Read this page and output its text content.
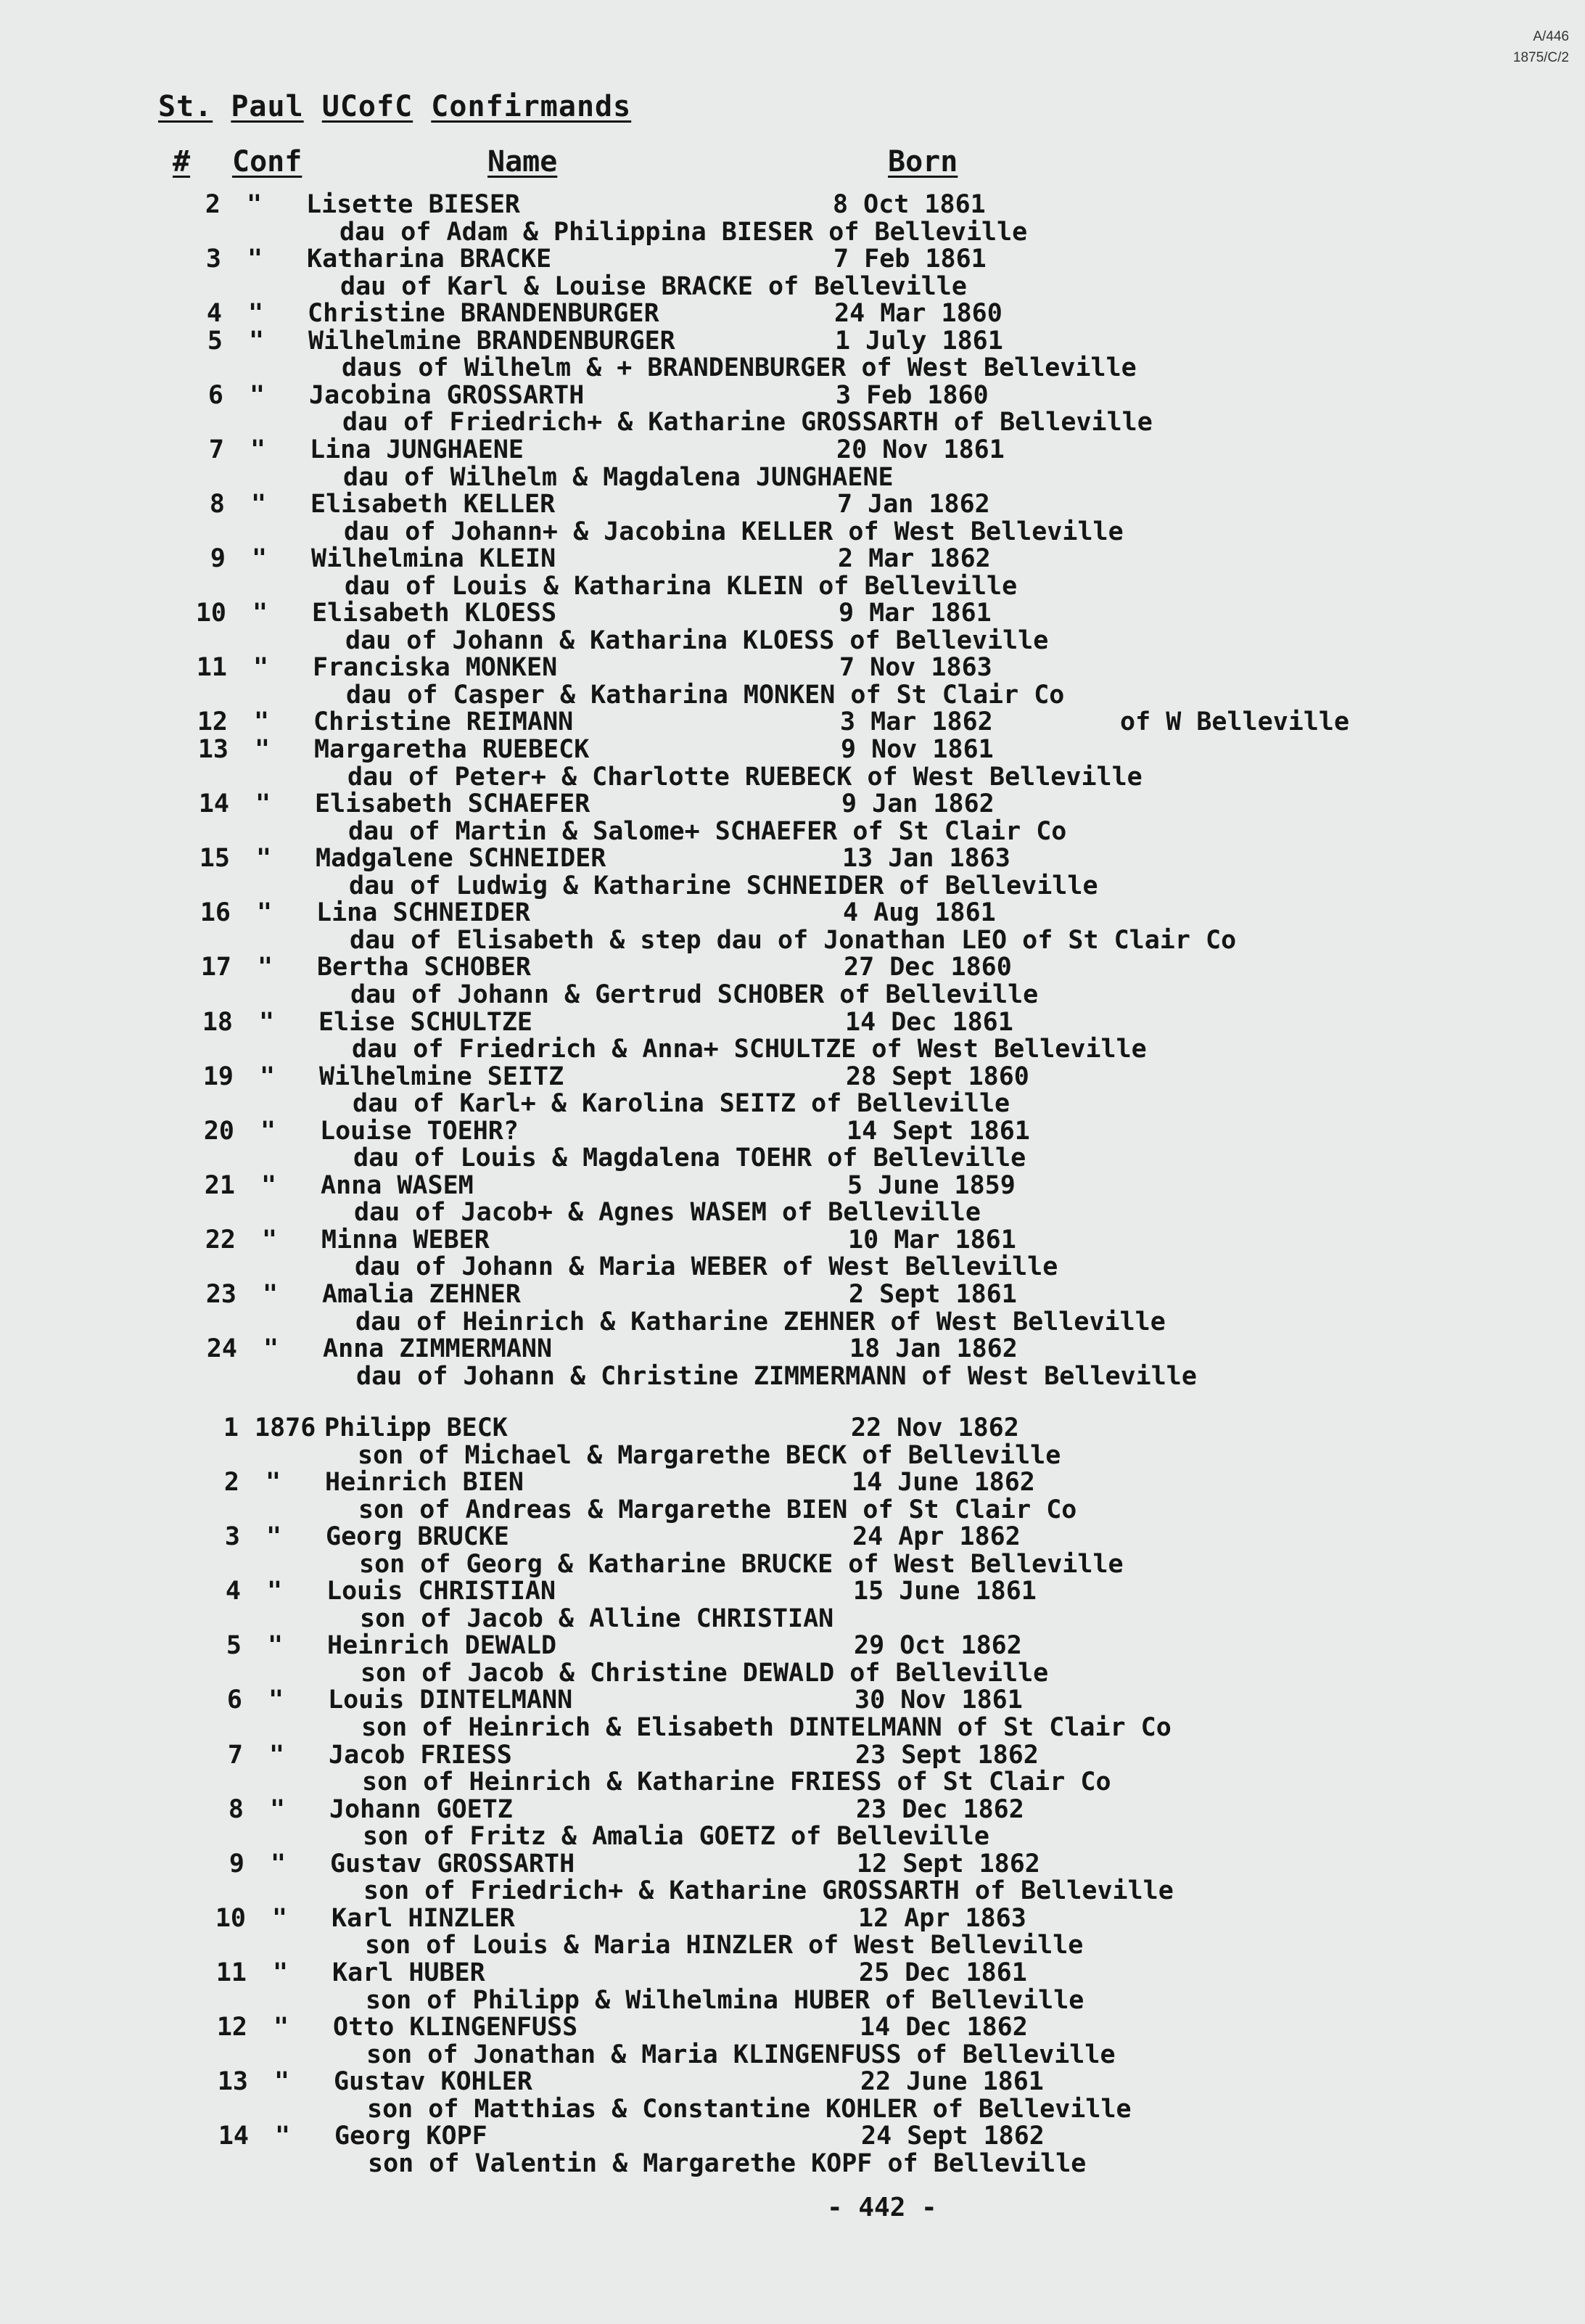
A/446
1875/C/2
St. Paul UCofC Confirmands
# Conf	Name	Born
2 " Lisette BIESER	8 Oct 1861
dau of Adam & Philippina BIESER of Belleville
3 " Katharina BRACKE	7 Feb 1861
dau of Karl & Louise BRACKE of Belleville
4 " Christine BRANDENBURGER	24 Mar 1860
5 " Wilhelmine BRANDENBURGER	1 July 1861
daus of Wilhelm & + BRANDENBURGER of West Belleville
6 " Jacobina GROSSARTH	3 Feb 1860
dau of Friedrich+ & Katharine GROSSARTH of Belleville
7 " Lina JUNGHAENE	20 Nov 1861
dau of Wilhelm & Magdalena JUNGHAENE
8 " Elisabeth KELLER	7 Jan 1862
dau of Johann+ & Jacobina KELLER of West Belleville
9 " Wilhelmina KLEIN	2 Mar 1862
dau of Louis & Katharina KLEIN of Belleville
10 " Elisabeth KLOESS	9 Mar 1861
dau of Johann & Katharina KLOESS of Belleville
11 " Franciska MONKEN	7 Nov 1863
dau of Casper & Katharina MONKEN of St Clair Co
12 " Christine REIMANN	3 Mar 1862	of W Belleville
13 " Margaretha RUEBECK	9 Nov 1861
dau of Peter+ & Charlotte RUEBECK of West Belleville
14 " Elisabeth SCHAEFER	9 Jan 1862
dau of Martin & Salome+ SCHAEFER of St Clair Co
15 " Madgalene SCHNEIDER	13 Jan 1863
dau of Ludwig & Katharine SCHNEIDER of Belleville
16 " Lina SCHNEIDER	4 Aug 1861
dau of Elisabeth & step dau of Jonathan LEO of St Clair Co
17 " Bertha SCHOBER	27 Dec 1860
dau of Johann & Gertrud SCHOBER of Belleville
18 " Elise SCHULTZE	14 Dec 1861
dau of Friedrich & Anna+ SCHULTZE of West Belleville
19 " Wilhelmine SEITZ	28 Sept 1860
dau of Karl+ & Karolina SEITZ of Belleville
20 " Louise TOEHR?	14 Sept 1861
dau of Louis & Magdalena TOEHR of Belleville
21 " Anna WASEM	5 June 1859
dau of Jacob+ & Agnes WASEM of Belleville
22 " Minna WEBER	10 Mar 1861
dau of Johann & Maria WEBER of West Belleville
23 " Amalia ZEHNER	2 Sept 1861
dau of Heinrich & Katharine ZEHNER of West Belleville
24 " Anna ZIMMERMANN	18 Jan 1862
dau of Johann & Christine ZIMMERMANN of West Belleville
1 1876 Philipp BECK	22 Nov 1862
son of Michael & Margarethe BECK of Belleville
2 " Heinrich BIEN	14 June 1862
son of Andreas & Margarethe BIEN of St Clair Co
3 " Georg BRUCKE	24 Apr 1862
son of Georg & Katharine BRUCKE of West Belleville
4 " Louis CHRISTIAN	15 June 1861
son of Jacob & Alline CHRISTIAN
5 " Heinrich DEWALD	29 Oct 1862
son of Jacob & Christine DEWALD of Belleville
6 " Louis DINTELMANN	30 Nov 1861
son of Heinrich & Elisabeth DINTELMANN of St Clair Co
7 " Jacob FRIESS	23 Sept 1862
son of Heinrich & Katharine FRIESS of St Clair Co
8 " Johann GOETZ	23 Dec 1862
son of Fritz & Amalia GOETZ of Belleville
9 " Gustav GROSSARTH	12 Sept 1862
son of Friedrich+ & Katharine GROSSARTH of Belleville
10 " Karl HINZLER	12 Apr 1863
son of Louis & Maria HINZLER of West Belleville
11 " Karl HUBER	25 Dec 1861
son of Philipp & Wilhelmina HUBER of Belleville
12 " Otto KLINGENFUSS	14 Dec 1862
son of Jonathan & Maria KLINGENFUSS of Belleville
13 " Gustav KOHLER	22 June 1861
son of Matthias & Constantine KOHLER of Belleville
14 " Georg KOPF	24 Sept 1862
son of Valentin & Margarethe KOPF of Belleville
- 442 -
